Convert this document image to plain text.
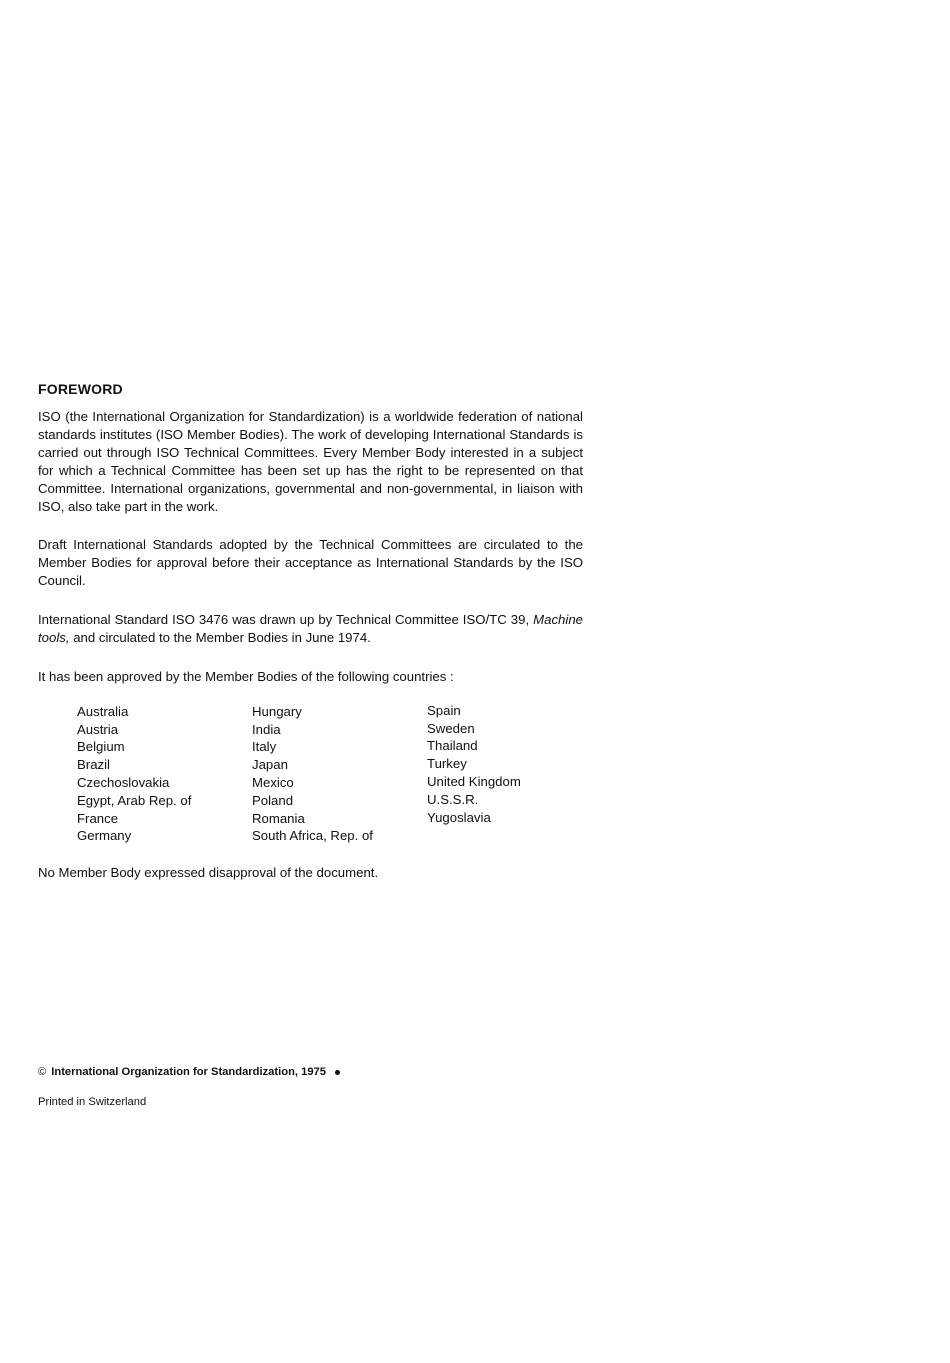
FOREWORD

ISO (the International Organization for Standardization) is a worldwide federation of national standards institutes (ISO Member Bodies). The work of developing International Standards is carried out through ISO Technical Committees. Every Member Body interested in a subject for which a Technical Committee has been set up has the right to be represented on that Committee. International organizations, governmental and non-governmental, in liaison with ISO, also take part in the work.

Draft International Standards adopted by the Technical Committees are circulated to the Member Bodies for approval before their acceptance as International Standards by the ISO Council.

International Standard ISO 3476 was drawn up by Technical Committee ISO/TC 39, Machine tools, and circulated to the Member Bodies in June 1974.

It has been approved by the Member Bodies of the following countries :

Australia
Austria
Belgium
Brazil
Czechoslovakia
Egypt, Arab Rep. of
France
Germany
Hungary
India
Italy
Japan
Mexico
Poland
Romania
South Africa, Rep. of
Spain
Sweden
Thailand
Turkey
United Kingdom
U.S.S.R.
Yugoslavia

No Member Body expressed disapproval of the document.

© International Organization for Standardization, 1975

Printed in Switzerland
